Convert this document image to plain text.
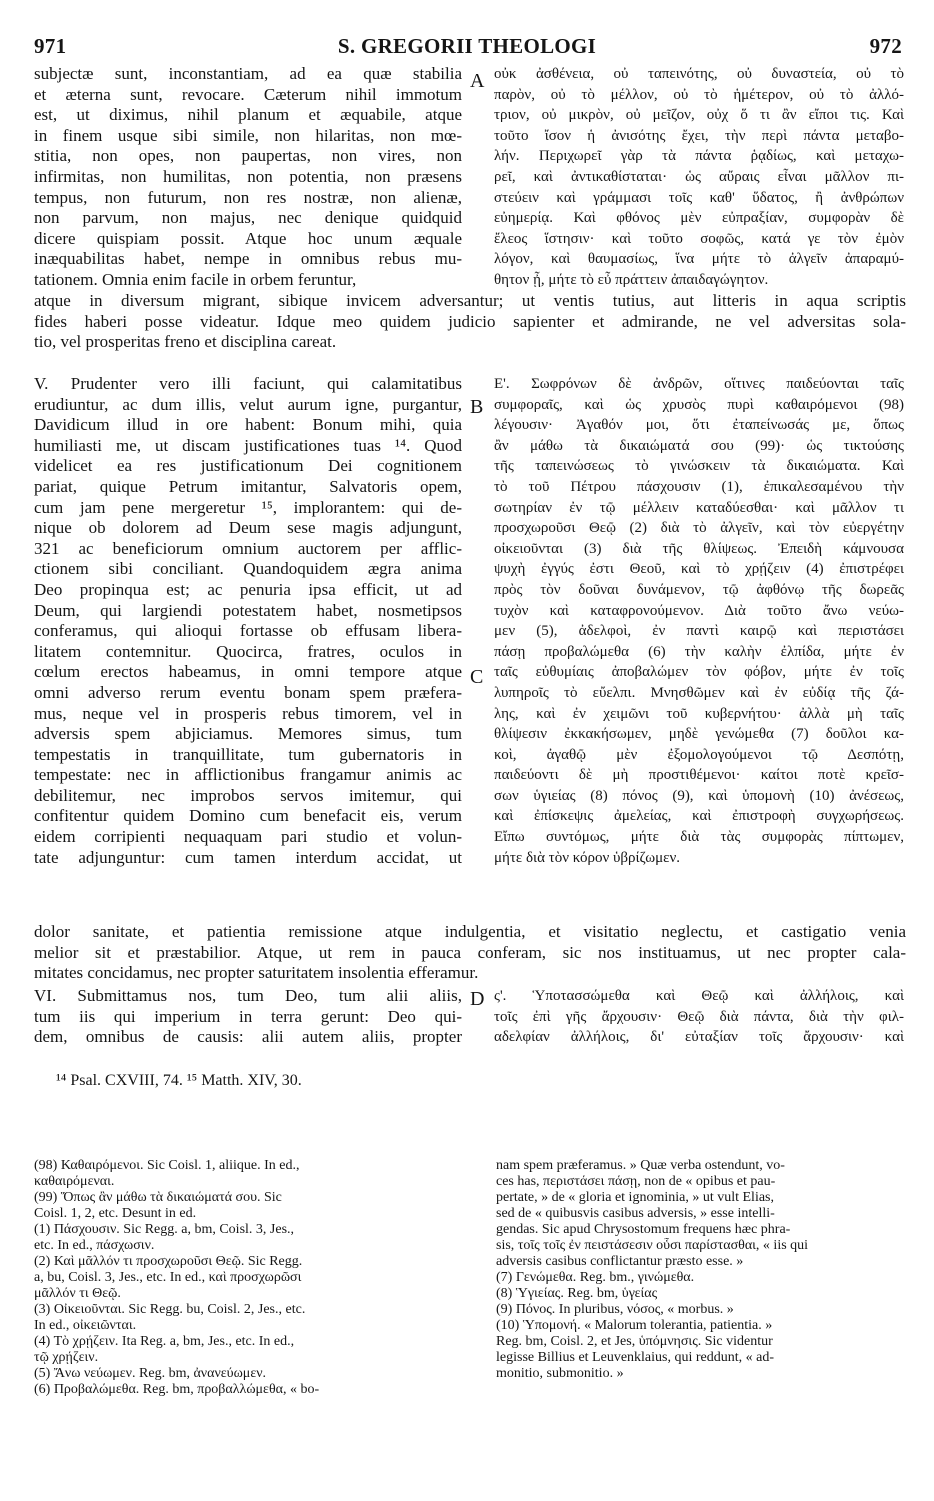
971	S. GREGORII THEOLOGI	972
subjectæ sunt, inconstantiam, ad ea quæ stabilia
et æterna sunt, revocare. Cæterum nihil immotum
est, ut diximus, nihil planum et æquabile, atque
in finem usque sibi simile, non hilaritas, non mœ-
stitia, non opes, non paupertas, non vires, non
infirmitas, non humilitas, non potentia, non præsens
tempus, non futurum, non res nostræ, non alienæ,
non parvum, non majus, nec denique quidquid
dicere quispiam possit. Atque hoc unum æquale
inæquabilitas habet, nempe in omnibus rebus mu-
tationem. Omnia enim facile in orbem feruntur,
A οὐκ ἀσθένεια, οὐ ταπεινότης, οὐ δυναστεία, οὐ τὸ
παρὸν, οὐ τὸ μέλλον, οὐ τὸ ἡμέτερον, οὐ τὸ ἀλλό-
τριον, οὐ μικρὸν, οὐ μεῖζον, οὐχ ὅ τι ἂν εἴποι τις. Καὶ
τοῦτο ἴσον ἡ ἀνισότης ἔχει, τὴν περὶ πάντα μεταβο-
λήν. Περιχωρεῖ γὰρ τὰ πάντα ῥᾳδίως, καὶ μεταχω-
ρεῖ, καὶ ἀντικαθίσταται· ὡς αὔραις εἶναι μᾶλλον πι-
στεύειν καὶ γράμμασι τοῖς καθ' ὕδατος, ἢ ἀνθρώπων
εὐημερίᾳ. Καὶ φθόνος μὲν εὐπραξίαν, συμφορὰν δὲ
ἔλεος ἵστησιν· καὶ τοῦτο σοφῶς, κατά γε τὸν ἐμὸν
λόγον, καὶ θαυμασίως, ἵνα μήτε τὸ ἀλγεῖν ἀπαραμύ-
θητον ᾖ, μήτε τὸ εὖ πράττειν ἀπαιδαγώγητον.
atque in diversum migrant, sibique invicem adversantur; ut ventis tutius, aut litteris in aqua scriptis
fides haberi posse videatur. Idque meo quidem judicio sapienter et admirande, ne vel adversitas sola-
tio, vel prosperitas freno et disciplina careat.
V. Prudenter vero illi faciunt, qui calamitatibus
erudiuntur, ac dum illis, velut aurum igne, purgantur,
Davidicum illud in ore habent: Bonum mihi, quia
humiliasti me, ut discam justificationes tuas ¹⁴. Quod
videlicet ea res justificationum Dei cognitionem
pariat, quique Petrum imitantur, Salvatoris opem,
cum jam pene mergeretur ¹⁵, implorantem: qui de-
nique ob dolorem ad Deum sese magis adjungunt,
321 ac beneficiorum omnium auctorem per afflic-
ctionem sibi conciliant. Quandoquidem ægra anima
Deo propinqua est; ac penuria ipsa efficit, ut ad
Deum, qui largiendi potestatem habet, nosmetipsos
conferamus, qui alioqui fortasse ob effusam libera-
litatem contemnitur. Quocirca, fratres, oculos in
cœlum erectos habeamus, in omni tempore atque
omni adverso rerum eventu bonam spem præfera-
mus, neque vel in prosperis rebus timorem, vel in
adversis spem abjiciamus. Memores simus, tum
tempestatis in tranquillitate, tum gubernatoris in
tempestate: nec in afflictionibus frangamur animis ac
debilitemur, nec improbos servos imitemur, qui
confitentur quidem Domino cum benefacit eis, verum
eidem corripienti nequaquam pari studio et volun-
tate adjunguntur: cum tamen interdum accidat, ut
B
C
Ε'. Σωφρόνων δὲ ἀνδρῶν, οἵτινες παιδεύονται ταῖς
συμφοραῖς, καὶ ὡς χρυσὸς πυρὶ καθαιρόμενοι (98)
λέγουσιν· Ἀγαθόν μοι, ὅτι ἐταπείνωσάς με, ὅπως
ἂν μάθω τὰ δικαιώματά σου (99)· ὡς τικτούσης
τῆς ταπεινώσεως τὸ γινώσκειν τὰ δικαιώματα. Καὶ
τὸ τοῦ Πέτρου πάσχουσιν (1), ἐπικαλεσαμένου τὴν
σωτηρίαν ἐν τῷ μέλλειν καταδύεσθαι· καὶ μᾶλλον τι
προσχωροῦσι Θεῷ (2) διὰ τὸ ἀλγεῖν, καὶ τὸν εὐεργέτην
οἰκειοῦνται (3) διὰ τῆς θλίψεως. Ἐπειδὴ κάμνουσα
ψυχὴ ἐγγύς ἐστι Θεοῦ, καὶ τὸ χρῄζειν (4) ἐπιστρέφει
πρὸς τὸν δοῦναι δυνάμενον, τῷ ἀφθόνῳ τῆς δωρεᾶς
τυχὸν καὶ καταφρονούμενον. Διὰ τοῦτο ἄνω νεύω-
μεν (5), ἀδελφοὶ, ἐν παντὶ καιρῷ καὶ περιστάσει
πάσῃ προβαλώμεθα (6) τὴν καλὴν ἐλπίδα, μήτε ἐν
ταῖς εὐθυμίαις ἀποβαλώμεν τὸν φόβον, μήτε ἐν τοῖς
λυπηροῖς τὸ εὔελπι. Μνησθῶμεν καὶ ἐν εὐδίᾳ τῆς ζά-
λης, καὶ ἐν χειμῶνι τοῦ κυβερνήτου· ἀλλὰ μὴ ταῖς
θλίψεσιν ἐκκακήσωμεν, μηδὲ γενώμεθα (7) δοῦλοι κα-
κοὶ, ἀγαθῷ μὲν ἐξομολογούμενοι τῷ Δεσπότῃ,
παιδεύοντι δὲ μὴ προστιθέμενοι· καίτοι ποτὲ κρεῖσ-
σων ὑγιείας (8) πόνος (9), καὶ ὑπομονὴ (10) ἀνέσεως,
καὶ ἐπίσκεψις ἀμελείας, καὶ ἐπιστροφὴ συγχωρήσεως.
Εἴπω συντόμως, μήτε διὰ τὰς συμφορὰς πίπτωμεν,
μήτε διὰ τὸν κόρον ὑβρίζωμεν.
dolor sanitate, et patientia remissione atque indulgentia, et visitatio neglectu, et castigatio venia
melior sit et præstabilior. Atque, ut rem in pauca conferam, sic nos instituamus, ut nec propter cala-
mitates concidamus, nec propter saturitatem insolentia efferamur.
VI. Submittamus nos, tum Deo, tum alii aliis,
tum iis qui imperium in terra gerunt: Deo qui-
dem, omnibus de causis: alii autem aliis, propter
D ς'. Ὑποτασσώμεθα καὶ Θεῷ καὶ ἀλλήλοις, καὶ
τοῖς ἐπὶ γῆς ἄρχουσιν· Θεῷ διὰ πάντα, διὰ τὴν φιλ-
αδελφίαν ἀλλήλοις, δι' εὐταξίαν τοῖς ἄρχουσιν· καὶ
¹⁴ Psal. CXVIII, 74. ¹⁵ Matth. XIV, 30.
(98) Καθαιρόμενοι. Sic Coisl. 1, aliique. In ed.,
καθαιρόμεναι.
(99) Ὅπως ἂν μάθω τὰ δικαιώματά σου. Sic
Coisl. 1, 2, etc. Desunt in ed.
(1) Πάσχουσιν. Sic Regg. a, bm, Coisl. 3, Jes.,
etc. In ed., πάσχωσιν.
(2) Καὶ μᾶλλόν τι προσχωροῦσι Θεῷ. Sic Regg.
a, bu, Coisl. 3, Jes., etc. In ed., καὶ προσχωρῶσι
μᾶλλόν τι Θεῷ.
(3) Οἰκειοῦνται. Sic Regg. bu, Coisl. 2, Jes., etc.
In ed., οἰκειῶνται.
(4) Τὸ χρῄζειν. Ita Reg. a, bm, Jes., etc. In ed.,
τῷ χρῄζειν.
(5) Ἄνω νεύωμεν. Reg. bm, ἀνανεύωμεν.
(6) Προβαλώμεθα. Reg. bm, προβαλλώμεθα, « bo-
nam spem præferamus. » Quæ verba ostendunt, vo-
ces has, περιστάσει πάσῃ, non de « opibus et pau-
pertate, » de « gloria et ignominia, » ut vult Elias,
sed de « quibusvis casibus adversis, » esse intelli-
gendas. Sic apud Chrysostomum frequens hæc phra-
sis, τοῖς τοῖς ἐν πειστάσεσιν οὖσι παρίστασθαι, « iis qui
adversis casibus conflictantur præsto esse. »
(7) Γενώμεθα. Reg. bm., γινώμεθα.
(8) Ὑγιείας. Reg. bm, ὑγείας
(9) Πόνος. In pluribus, νόσος, « morbus. »
(10) Ὑπομονή. « Malorum tolerantia, patientia. »
Reg. bm, Coisl. 2, et Jes, ὑπόμνησις. Sic videntur
legisse Billius et Leuvenklaius, qui reddunt, « ad-
monitio, submonitio. »
